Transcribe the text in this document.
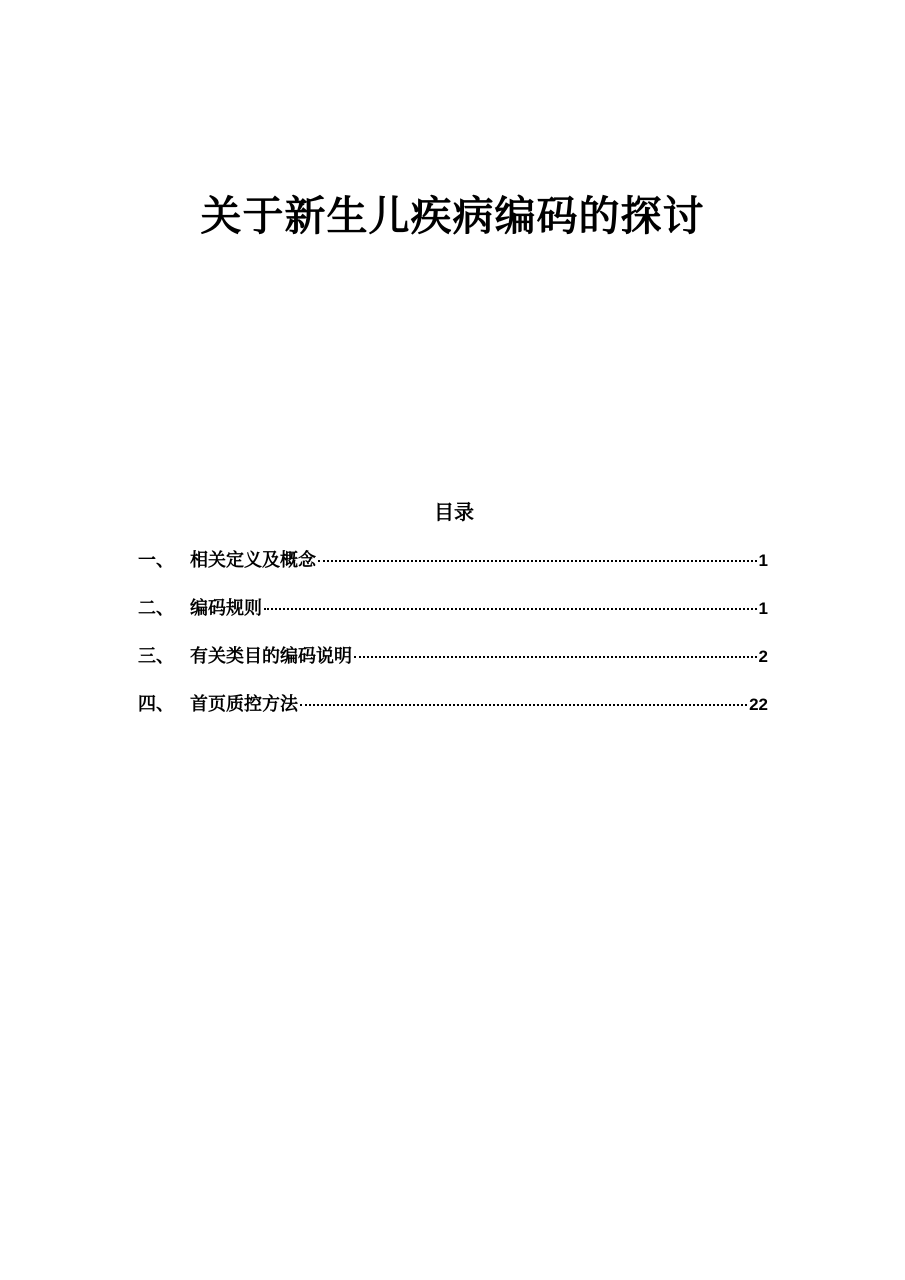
关于新生儿疾病编码的探讨
目录
一、 相关定义及概念	1
二、 编码规则	1
三、 有关类目的编码说明	2
四、 首页质控方法	22
